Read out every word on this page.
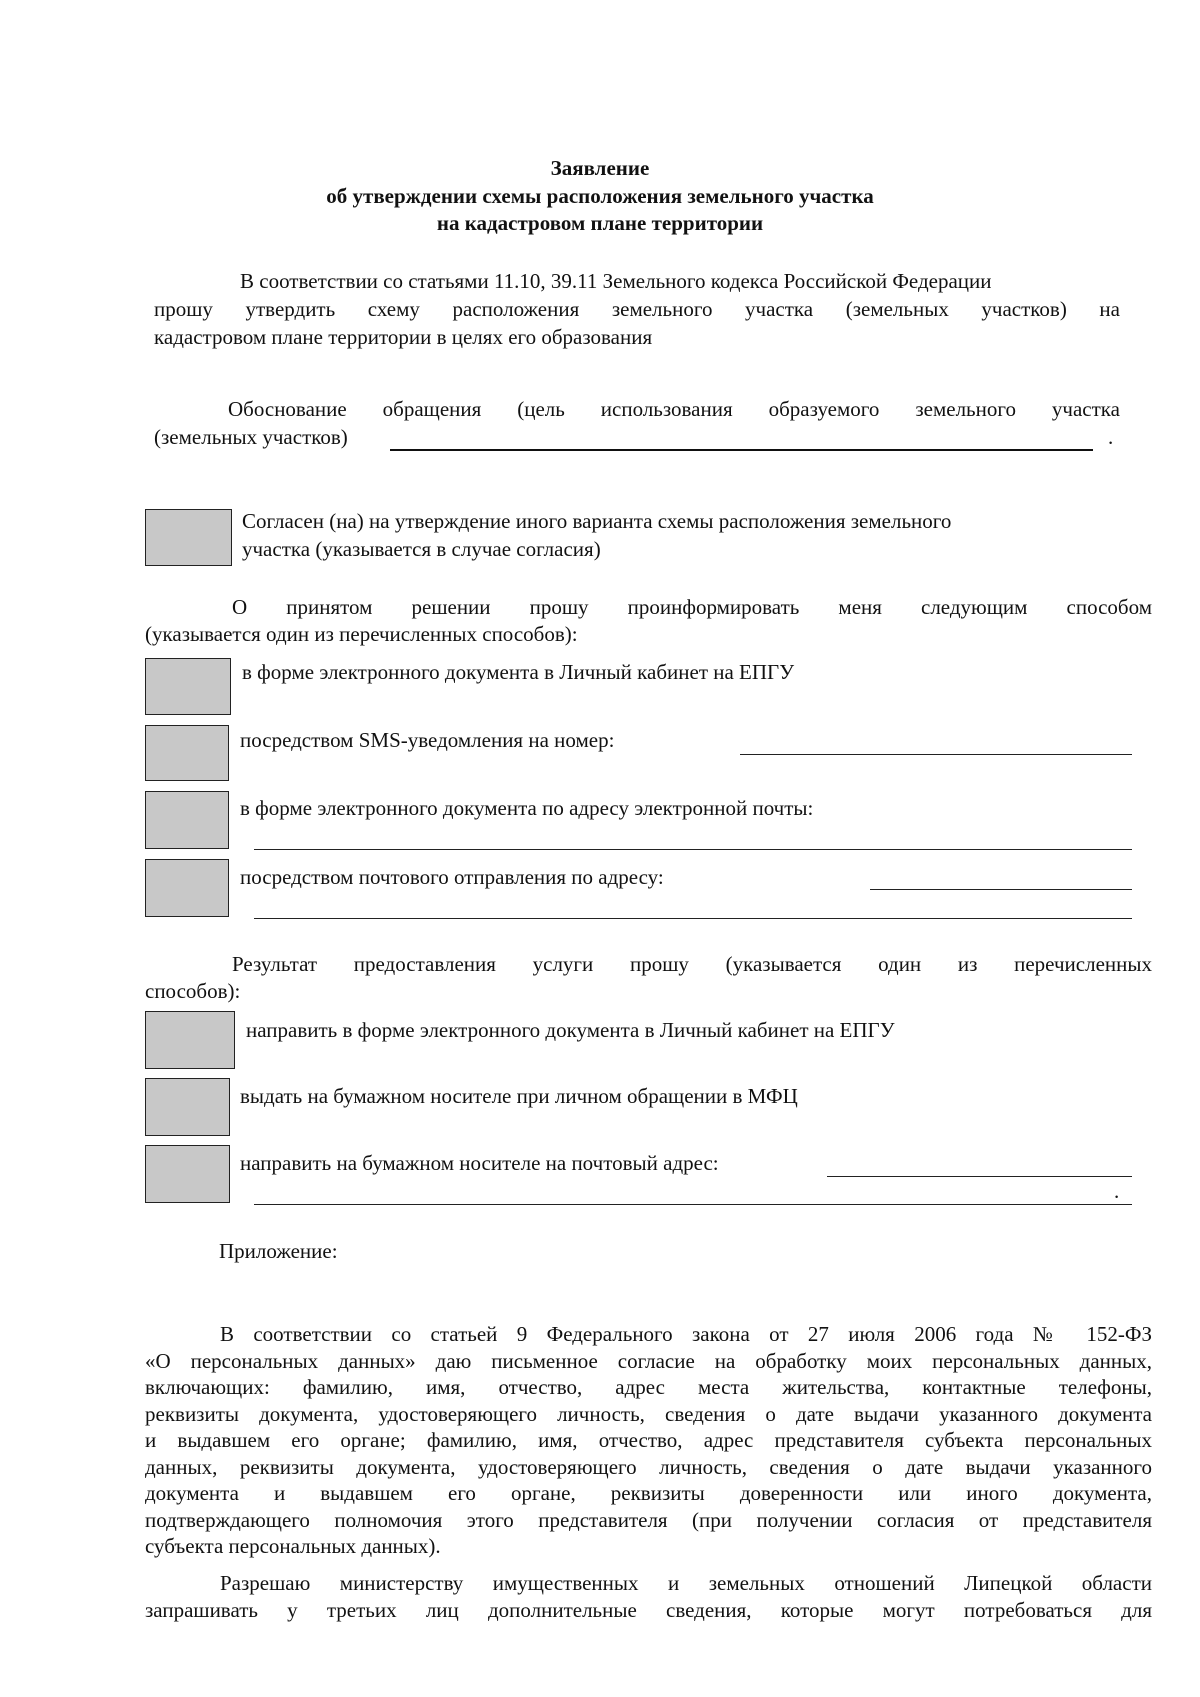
Заявление
об утверждении схемы расположения земельного участка
на кадастровом плане территории
В соответствии со статьями 11.10, 39.11 Земельного кодекса Российской Федерации
прошу утвердить схему расположения земельного участка (земельных участков) на
кадастровом плане территории в целях его образования
Обоснование обращения (цель использования образуемого земельного участка
(земельных участков)	.
Согласен (на) на утверждение иного варианта схемы расположения земельного
участка (указывается в случае согласия)
О принятом решении прошу проинформировать меня следующим способом
(указывается один из перечисленных способов):
в форме электронного документа в Личный кабинет на ЕПГУ
посредством SMS-уведомления на номер:
в форме электронного документа по адресу электронной почты:
посредством почтового отправления по адресу:
Результат предоставления услуги прошу (указывается один из перечисленных
способов):
направить в форме электронного документа в Личный кабинет на ЕПГУ
выдать на бумажном носителе при личном обращении в МФЦ
направить на бумажном носителе на почтовый адрес:
.
Приложение:
В соответствии со статьей 9 Федерального закона от 27 июля 2006 года № 152-ФЗ
«О персональных данных» даю письменное согласие на обработку моих персональных данных,
включающих: фамилию, имя, отчество, адрес места жительства, контактные телефоны,
реквизиты документа, удостоверяющего личность, сведения о дате выдачи указанного документа
и выдавшем его органе; фамилию, имя, отчество, адрес представителя субъекта персональных
данных, реквизиты документа, удостоверяющего личность, сведения о дате выдачи указанного
документа и выдавшем его органе, реквизиты доверенности или иного документа,
подтверждающего полномочия этого представителя (при получении согласия от представителя
субъекта персональных данных).
Разрешаю министерству имущественных и земельных отношений Липецкой области
запрашивать у третьих лиц дополнительные сведения, которые могут потребоваться для
